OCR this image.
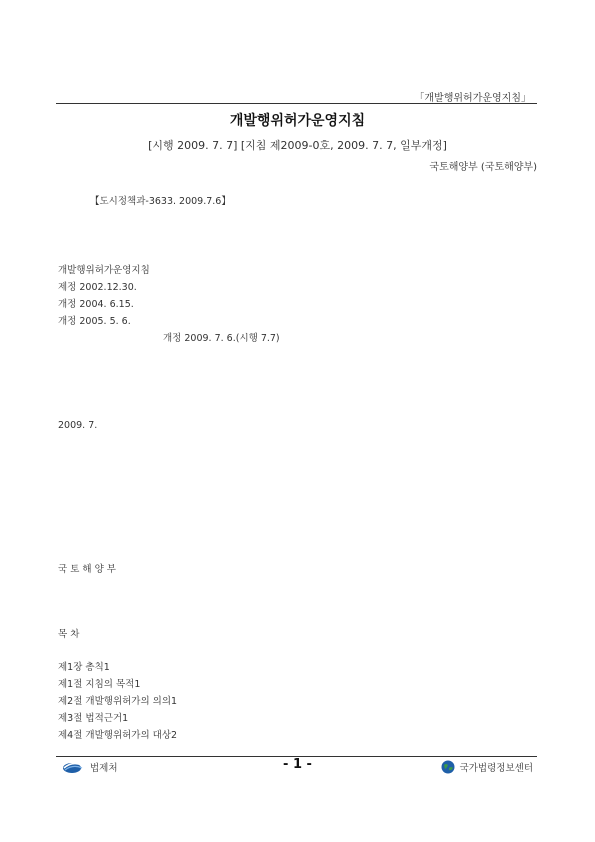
「개발행위허가운영지침」
개발행위허가운영지침
[시행 2009. 7. 7] [지침 제2009-0호, 2009. 7. 7, 일부개정]
국토해양부 (국토해양부)
【도시정책과-3633. 2009.7.6】
개발행위허가운영지침
제정 2002.12.30.
개정 2004. 6.15.
개정 2005. 5. 6.
개정 2009. 7. 6.(시행 7.7)
2009. 7.
국 토 해 양 부
목 차
제1장 총칙1
제1절 지침의 목적1
제2절 개발행위허가의 의의1
제3절 법적근거1
제4절 개발행위허가의 대상2
법제처	- 1 -	국가법령정보센터
